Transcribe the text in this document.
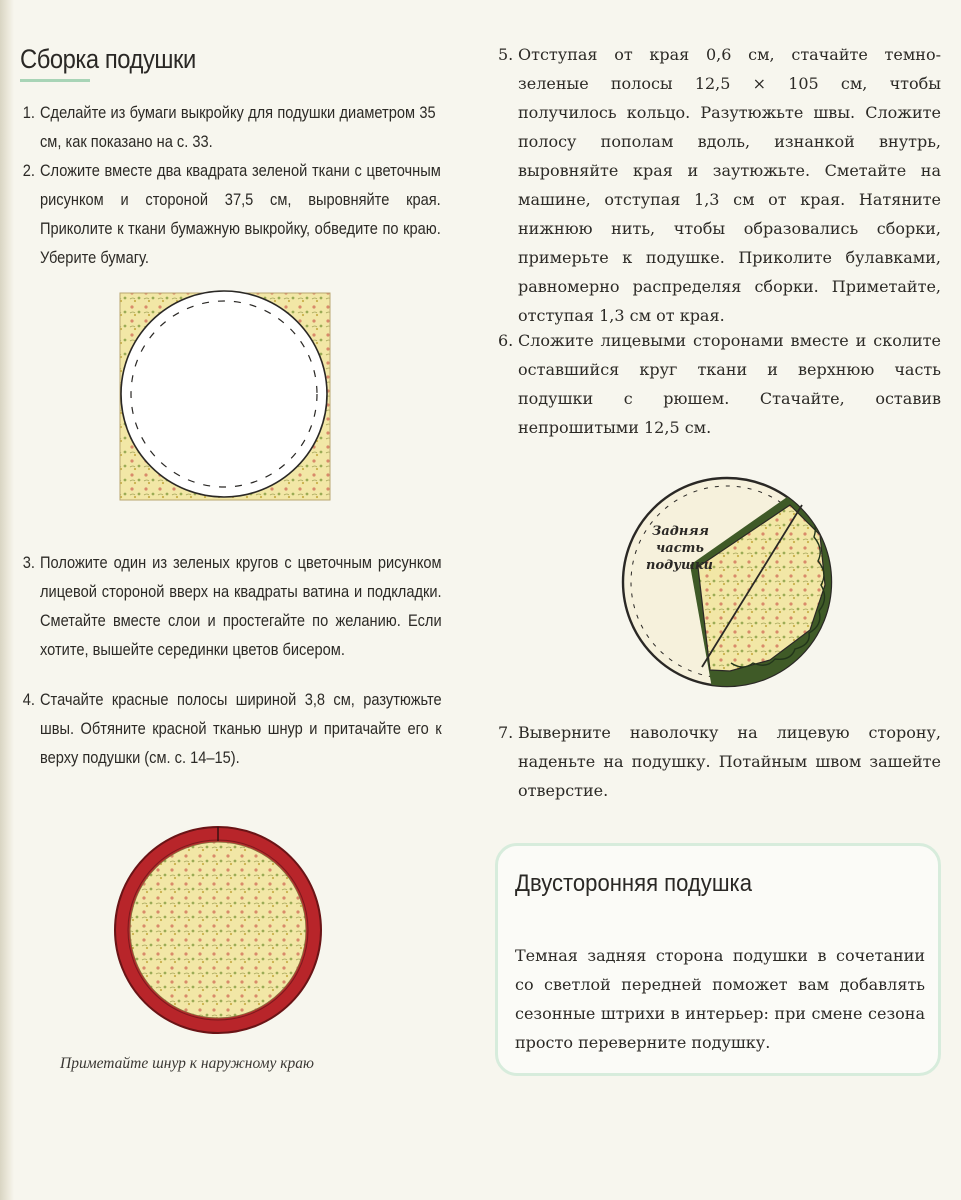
Сборка подушки
1. Сделайте из бумаги выкройку для подушки диаметром 35 см, как показано на с. 33.
2. Сложите вместе два квадрата зеленой ткани с цветочным рисунком и стороной 37,5 см, выровняйте края. Приколите к ткани бумажную выкройку, обведите по краю. Уберите бумагу.
3. Положите один из зеленых кругов с цветочным рисунком лицевой стороной вверх на квадраты ватина и подкладки. Сметайте вместе слои и простегайте по желанию. Если хотите, вышейте серединки цветов бисером.
4. Стачайте красные полосы шириной 3,8 см, разутюжьте швы. Обтяните красной тканью шнур и притачайте его к верху подушки (см. с. 14–15).
Приметайте шнур к наружному краю
5. Отступая от края 0,6 см, стачайте темно-зеленые полосы 12,5 × 105 см, чтобы получилось кольцо. Разутюжьте швы. Сложите полосу пополам вдоль, изнанкой внутрь, выровняйте края и заутюжьте. Сметайте на машине, отступая 1,3 см от края. Натяните нижнюю нить, чтобы образовались сборки, примерьте к подушке. Приколите булавками, равномерно распределяя сборки. Приметайте, отступая 1,3 см от края.
6. Сложите лицевыми сторонами вместе и сколите оставшийся круг ткани и верхнюю часть подушки с рюшем. Стачайте, оставив непрошитыми 12,5 см.
Задняя
часть
подушки
7. Выверните наволочку на лицевую сторону, наденьте на подушку. Потайным швом зашейте отверстие.
Двусторонняя подушка
Темная задняя сторона подушки в сочетании со светлой передней поможет вам добавлять сезонные штрихи в интерьер: при смене сезона просто переверните подушку.
